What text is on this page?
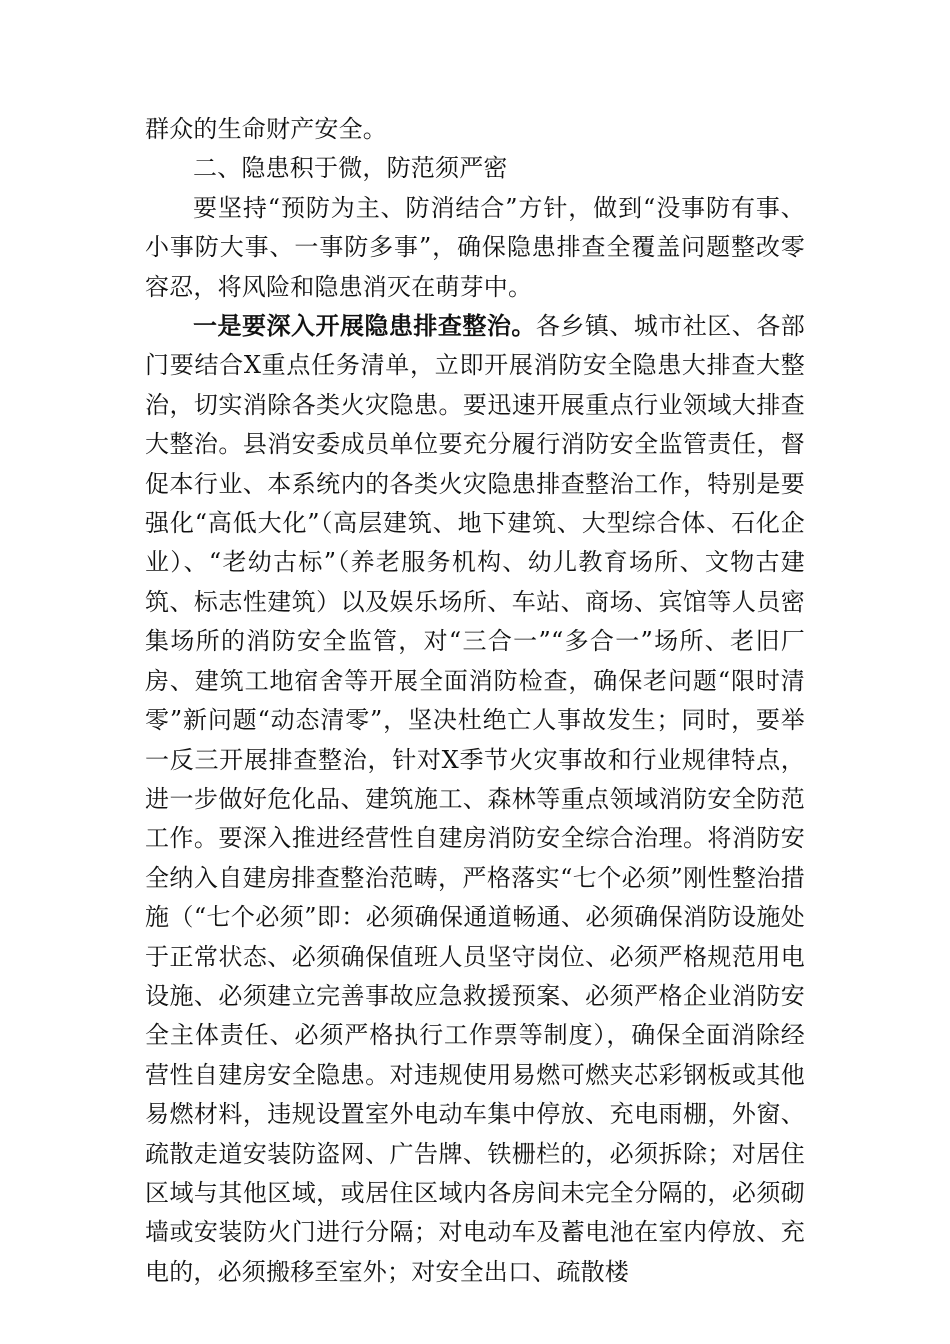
群众的生命财产安全。

二、隐患积于微，防范须严密

要坚持“预防为主、防消结合”方针，做到“没事防有事、小事防大事、一事防多事”，确保隐患排查全覆盖问题整改零容忍，将风险和隐患消灭在萌芽中。

一是要深入开展隐患排查整治。各乡镇、城市社区、各部门要结合X重点任务清单，立即开展消防安全隐患大排查大整治，切实消除各类火灾隐患。要迅速开展重点行业领域大排查大整治。县消安委成员单位要充分履行消防安全监管责任，督促本行业、本系统内的各类火灾隐患排查整治工作，特别是要强化“高低大化”（高层建筑、地下建筑、大型综合体、石化企业）、“老幼古标”（养老服务机构、幼儿教育场所、文物古建筑、标志性建筑）以及娱乐场所、车站、商场、宾馆等人员密集场所的消防安全监管，对“三合一”“多合一”场所、老旧厂房、建筑工地宿舍等开展全面消防检查，确保老问题“限时清零”新问题“动态清零”，坚决杜绝亡人事故发生；同时，要举一反三开展排查整治，针对X季节火灾事故和行业规律特点，进一步做好危化品、建筑施工、森林等重点领域消防安全防范工作。要深入推进经营性自建房消防安全综合治理。将消防安全纳入自建房排查整治范畴，严格落实“七个必须”刚性整治措施（“七个必须”即：必须确保通道畅通、必须确保消防设施处于正常状态、必须确保值班人员坚守岗位、必须严格规范用电设施、必须建立完善事故应急救援预案、必须严格企业消防安全主体责任、必须严格执行工作票等制度），确保全面消除经营性自建房安全隐患。对违规使用易燃可燃夹芯彩钢板或其他易燃材料，违规设置室外电动车集中停放、充电雨棚，外窗、疏散走道安装防盗网、广告牌、铁栅栏的，必须拆除；对居住区域与其他区域，或居住区域内各房间未完全分隔的，必须砌墙或安装防火门进行分隔；对电动车及蓄电池在室内停放、充电的，必须搬移至室外；对安全出口、疏散楼
